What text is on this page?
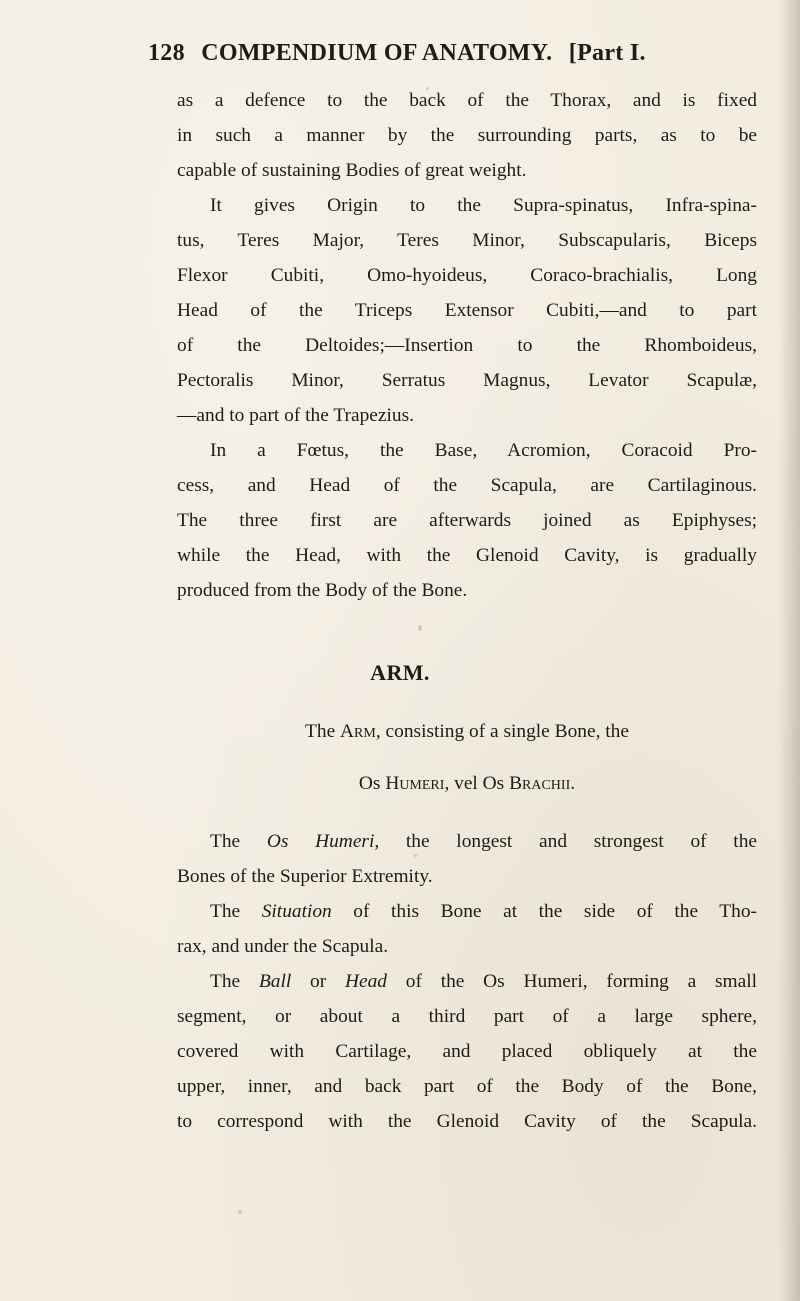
128 COMPENDIUM OF ANATOMY. [Part I.
as a defence to the back of the Thorax, and is fixed
in such a manner by the surrounding parts, as to be
capable of sustaining Bodies of great weight.
It gives Origin to the Supra-spinatus, Infra-spina-
tus, Teres Major, Teres Minor, Subscapularis, Biceps
Flexor Cubiti, Omo-hyoideus, Coraco-brachialis, Long
Head of the Triceps Extensor Cubiti,—and to part
of the Deltoides;—Insertion to the Rhomboideus,
Pectoralis Minor, Serratus Magnus, Levator Scapulæ,
—and to part of the Trapezius.
In a Fœtus, the Base, Acromion, Coracoid Pro-
cess, and Head of the Scapula, are Cartilaginous.
The three first are afterwards joined as Epiphyses;
while the Head, with the Glenoid Cavity, is gradually
produced from the Body of the Bone.
ARM.
The Arm, consisting of a single Bone, the
Os Humeri, vel Os Brachii.
The Os Humeri, the longest and strongest of the
Bones of the Superior Extremity.
The Situation of this Bone at the side of the Tho-
rax, and under the Scapula.
The Ball or Head of the Os Humeri, forming a small
segment, or about a third part of a large sphere,
covered with Cartilage, and placed obliquely at the
upper, inner, and back part of the Body of the Bone,
to correspond with the Glenoid Cavity of the Scapula.
